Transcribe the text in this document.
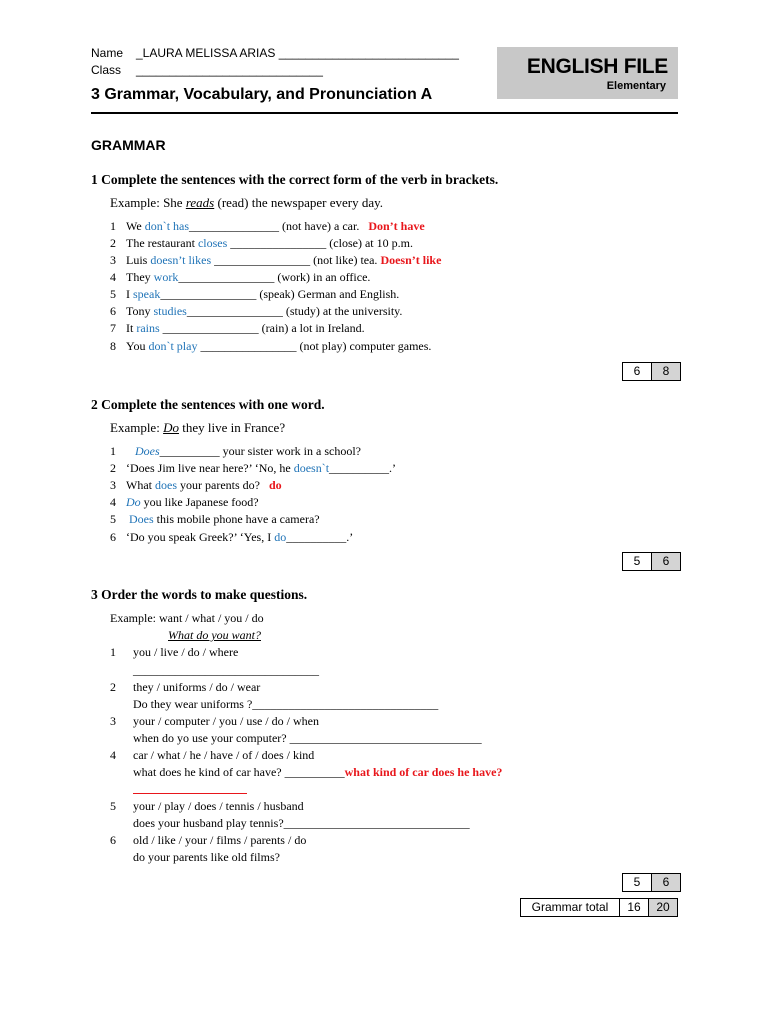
Name _LAURA MELISSA ARIAS ___________________________
Class ____________________________
3 Grammar, Vocabulary, and Pronunciation A
ENGLISH FILE
Elementary
GRAMMAR
1 Complete the sentences with the correct form of the verb in brackets.
Example: She reads (read) the newspaper every day.
1 We don`t has_______________ (not have) a car. Don’t have
2 The restaurant closes ________________ (close) at 10 p.m.
3 Luis doesn’t likes ________________ (not like) tea. Doesn’t like
4 They work________________ (work) in an office.
5 I speak________________ (speak) German and English.
6 Tony studies________________ (study) at the university.
7 It rains ________________ (rain) a lot in Ireland.
8 You don`t play ________________ (not play) computer games.
6	8
2 Complete the sentences with one word.
Example: Do they live in France?
1 Does__________ your sister work in a school?
2 ‘Does Jim live near here?’ ‘No, he doesn`t__________.’
3 What does your parents do? do
4 Do you like Japanese food?
5 Does this mobile phone have a camera?
6 ‘Do you speak Greek?’ ‘Yes, I do__________.’
5	6
3 Order the words to make questions.
Example: want / what / you / do
What do you want?
1 you / live / do / where
_______________________________
2 they / uniforms / do / wear
Do they wear uniforms ?_______________________________
3 your / computer / you / use / do / when
when do yo use your computer? ________________________________
4 car / what / he / have / of / does / kind
what does he kind of car have? __________what kind of car does he have?
5 your / play / does / tennis / husband
does your husband play tennis?_______________________________
6 old / like / your / films / parents / do
do your parents like old films?
5	6
Grammar total	16	20
